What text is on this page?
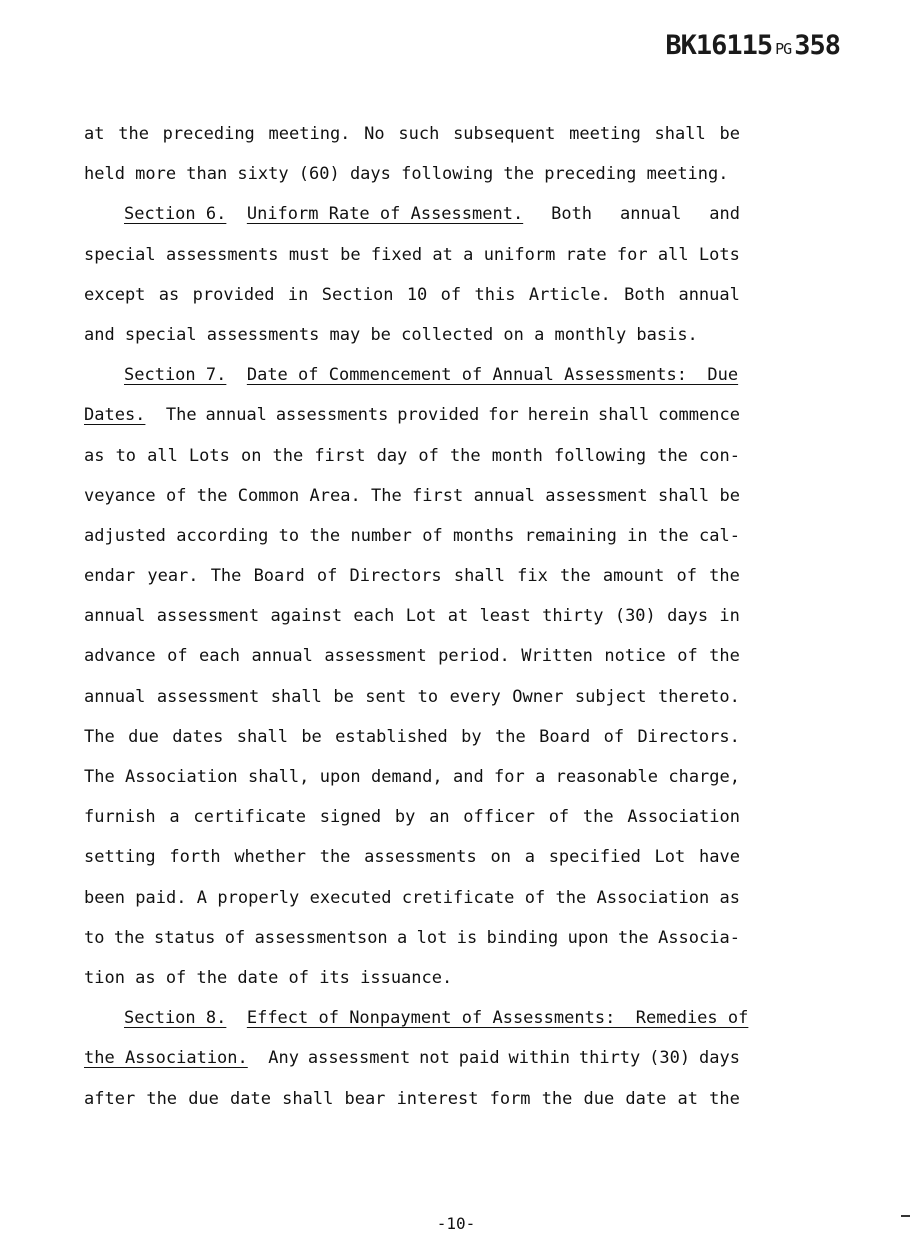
BK16115 PG 358
at the preceding meeting. No such subsequent meeting shall be
held more than sixty (60) days following the preceding meeting.
Section 6. Uniform Rate of Assessment. Both annual and
special assessments must be fixed at a uniform rate for all Lots
except as provided in Section 10 of this Article. Both annual
and special assessments may be collected on a monthly basis.
Section 7. Date of Commencement of Annual Assessments:  Due
Dates.  The annual assessments provided for herein shall commence
as to all Lots on the first day of the month following the con-
veyance of the Common Area. The first annual assessment shall be
adjusted according to the number of months remaining in the cal-
endar year. The Board of Directors shall fix the amount of the
annual assessment against each Lot at least thirty (30) days in
advance of each annual assessment period. Written notice of the
annual assessment shall be sent to every Owner subject thereto.
The due dates shall be established by the Board of Directors.
The Association shall, upon demand, and for a reasonable charge,
furnish a certificate signed by an officer of the Association
setting forth whether the assessments on a specified Lot have
been paid. A properly executed cretificate of the Association as
to the status of assessmentson a lot is binding upon the Associa-
tion as of the date of its issuance.
Section 8. Effect of Nonpayment of Assessments:  Remedies of
the Association.  Any assessment not paid within thirty (30) days
after the due date shall bear interest form the due date at the
-10-
